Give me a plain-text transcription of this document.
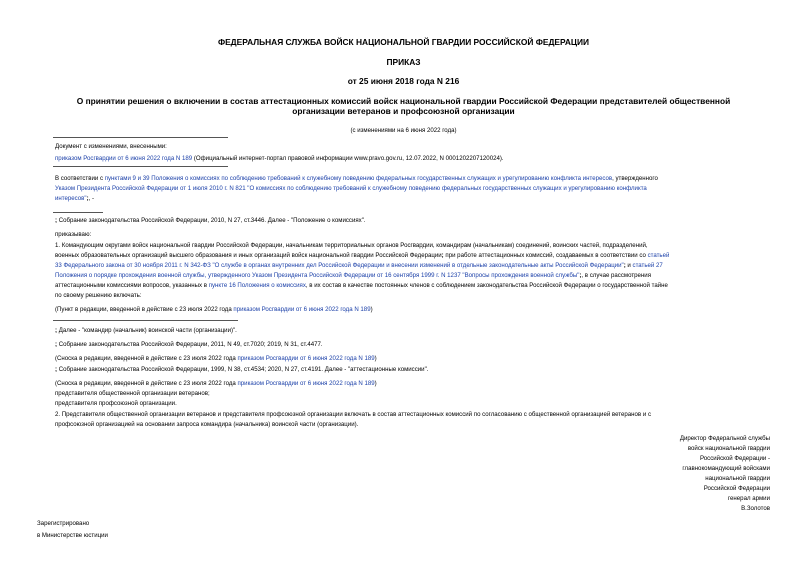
ФЕДЕРАЛЬНАЯ СЛУЖБА ВОЙСК НАЦИОНАЛЬНОЙ ГВАРДИИ РОССИЙСКОЙ ФЕДЕРАЦИИ
ПРИКАЗ
от 25 июня 2018 года N 216
О принятии решения о включении в состав аттестационных комиссий войск национальной гвардии Российской Федерации представителей общественной
организации ветеранов и профсоюзной организации
(с изменениями на 6 июня 2022 года)
Документ с изменениями, внесенными:
приказом Росгвардии от 6 июня 2022 года N 189 (Официальный интернет-портал правовой информации www.pravo.gov.ru, 12.07.2022, N 0001202207120024).
В соответствии с пунктами 9 и 39 Положения о комиссиях по соблюдению требований к служебному поведению федеральных государственных служащих и урегулированию конфликта интересов, утвержденного
Указом Президента Российской Федерации от 1 июля 2010 г. N 821 "О комиссиях по соблюдению требований к служебному поведению федеральных государственных служащих и урегулированию конфликта
интересов";, -
; Собрание законодательства Российской Федерации, 2010, N 27, ст.3446. Далее - "Положение о комиссиях".
приказываю:
1. Командующим округами войск национальной гвардии Российской Федерации, начальникам территориальных органов Росгвардии, командирам (начальникам) соединений, воинских частей, подразделений,
военных образовательных организаций высшего образования и иных организаций войск национальной гвардии Российской Федерации; при работе аттестационных комиссий, создаваемых в соответствии со статьей
33 Федерального закона от 30 ноября 2011 г. N 342-ФЗ "О службе в органах внутренних дел Российской Федерации и внесении изменений в отдельные законодательные акты Российской Федерации"; и статьей 27
Положения о порядке прохождения военной службы, утвержденного Указом Президента Российской Федерации от 16 сентября 1999 г. N 1237 "Вопросы прохождения военной службы";, в случае рассмотрения
аттестационными комиссиями вопросов, указанных в пункте 16 Положения о комиссиях, в их состав в качестве постоянных членов с соблюдением законодательства Российской Федерации о государственной тайне
по своему решению включать:
(Пункт в редакции, введенной в действие с 23 июля 2022 года приказом Росгвардии от 6 июня 2022 года N 189)
; Далее - "командир (начальник) воинской части (организации)".
; Собрание законодательства Российской Федерации, 2011, N 49, ст.7020; 2019, N 31, ст.4477.
(Сноска в редакции, введенной в действие с 23 июля 2022 года приказом Росгвардии от 6 июня 2022 года N 189)
; Собрание законодательства Российской Федерации, 1999, N 38, ст.4534; 2020, N 27, ст.4191. Далее - "аттестационные комиссии".
(Сноска в редакции, введенной в действие с 23 июля 2022 года приказом Росгвардии от 6 июня 2022 года N 189)
представителя общественной организации ветеранов;
представителя профсоюзной организации.
2. Представителя общественной организации ветеранов и представителя профсоюзной организации включать в состав аттестационных комиссий по согласованию с общественной организацией ветеранов и с
профсоюзной организацией на основании запроса командира (начальника) воинской части (организации).
Директор Федеральной службы
войск национальной гвардии
Российской Федерации -
главнокомандующий войсками
национальной гвардии
Российской Федерации
генерал армии
В.Золотов
Зарегистрировано
в Министерстве юстиции
